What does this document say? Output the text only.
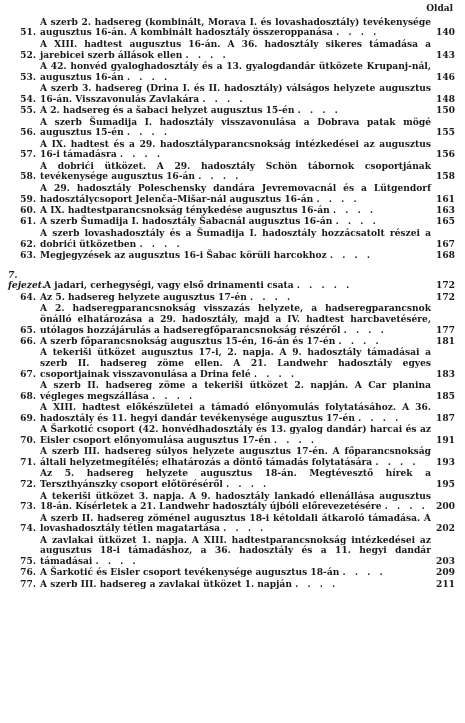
Oldal
51.
A szerb 2. hadsereg (kombinált, Morava I. és lovashadosztály) tevékenysége augusztus 16-án. A kombinált hadosztály összeroppanása . . . .	140
52.
A XIII. hadtest augusztus 16-án. A 36. hadosztály sikeres támadása a jarebicei szerb állások ellen . . . .	143
53.
A 42. honvéd gyaloghadosztály és a 13. gyalogdandár ütközete Krupanj-nál, augusztus 16-án . . . .	146
54.
A szerb 3. hadsereg (Drina I. és II. hadosztály) válságos helyzete augusztus 16-án. Visszavonulás Zavlakára . . . .	148
55. A 2. hadsereg és a šabaci helyzet augusztus 15-én . . . .	150
56.
A szerb Šumadija I. hadosztály visszavonulása a Dobrava patak mögé augusztus 15-én . . . .	155
57.
A IX. hadtest és a 29. hadosztályparancsnokság intézkedései az augusztus 16-i támadásra . . . .	156
58.
A dobrići ütközet. A 29. hadosztály Schön tábornok csoportjának tevékenysége augusztus 16-án . . . .	158
59.
A 29. hadosztály Poleschensky dandára Jevremovacnál és a Lütgendorf hadosztálycsoport Jelenča–Mišar-nál augusztus 16-án . . . .	161
60. A IX. hadtestparancsnokság ténykedése augusztus 16-án . . . .	163
61. A szerb Šumadija I. hadosztály Šabacnál augusztus 16-án . . . .	165
62.
A szerb lovashadosztály és a Šumadija I. hadosztály hozzácsatolt részei a dobrići ütközetben . . . .	167
63. Megjegyzések az augusztus 16-i Šabac körüli harcokhoz . . . .	168
7. fejezet.
A jadari, cerhegységi, vagy első drinamenti csata . . . . .	172
64. Az 5. hadsereg helyzete augusztus 17-én . . . .	172
65.
A 2. hadseregparancsnokság visszazás helyzete, a hadseregparancsnok önálló elhatározása a 29. hadosztály, majd a IV. hadtest harcbavetésére, utólagos hozzájárulás a hadseregfőparancsnokság részéről . . . .	177
66. A szerb főparancsnokság augusztus 15-én, 16-án és 17-én . . . .	181
67.
A tekeriši ütközet augusztus 17-i, 2. napja. A 9. hadosztály támadásai a szerb II. hadsereg zöme ellen. A 21. Landwehr hadosztály egyes csoportjainak visszavonulása a Drina felé . . . .	183
68.
A szerb II. hadsereg zöme a tekeriši ütközet 2. napján. A Car planina végleges megszállása . . . .	185
69.
A XIII. hadtest előkészületei a támadó előnyomulás folytatásához. A 36. hadosztály és 11. hegyi dandár tevékenysége augusztus 17-én . . . .	187
70.
A Šarkotić csoport (42. honvédhadosztály és 13. gyalog dandár) harcai és az Eisler csoport előnyomulása augusztus 17-én . . . .	191
71.
A szerb III. hadsereg súlyos helyzete augusztus 17-én. A főparancsnokság általi helyzetmegítélés; elhatározás a döntő támadás folytatására . . . .	193
72.
Az 5. hadsereg helyzete augusztus 18-án. Megtévesztő hírek a Terszthyánszky csoport előtöréséről . . . .	195
73.
A tekeriši ütközet 3. napja. A 9. hadosztály lankadó ellenállása augusztus 18-án. Kísérletek a 21. Landwehr hadosztály újbóli előrevezetésére . . . . 200
74.
A szerb II. hadsereg zöménel augusztus 18-i kétoldali átkaroló támadása. A lovashadosztály tétlen magatartása . . . .	202
75.
A zavlakai ütközet 1. napja. A XIII. hadtestparancsnokság intézkedései az augusztus 18-i támadáshoz, a 36. hadosztály és a 11. hegyi dandár támadásai . . . .	203
76. A Šarkotić és Eisler csoport tevékenysége augusztus 18-án . . . .	209
77. A szerb III. hadsereg a zavlakai ütközet 1. napján . . . .	211
